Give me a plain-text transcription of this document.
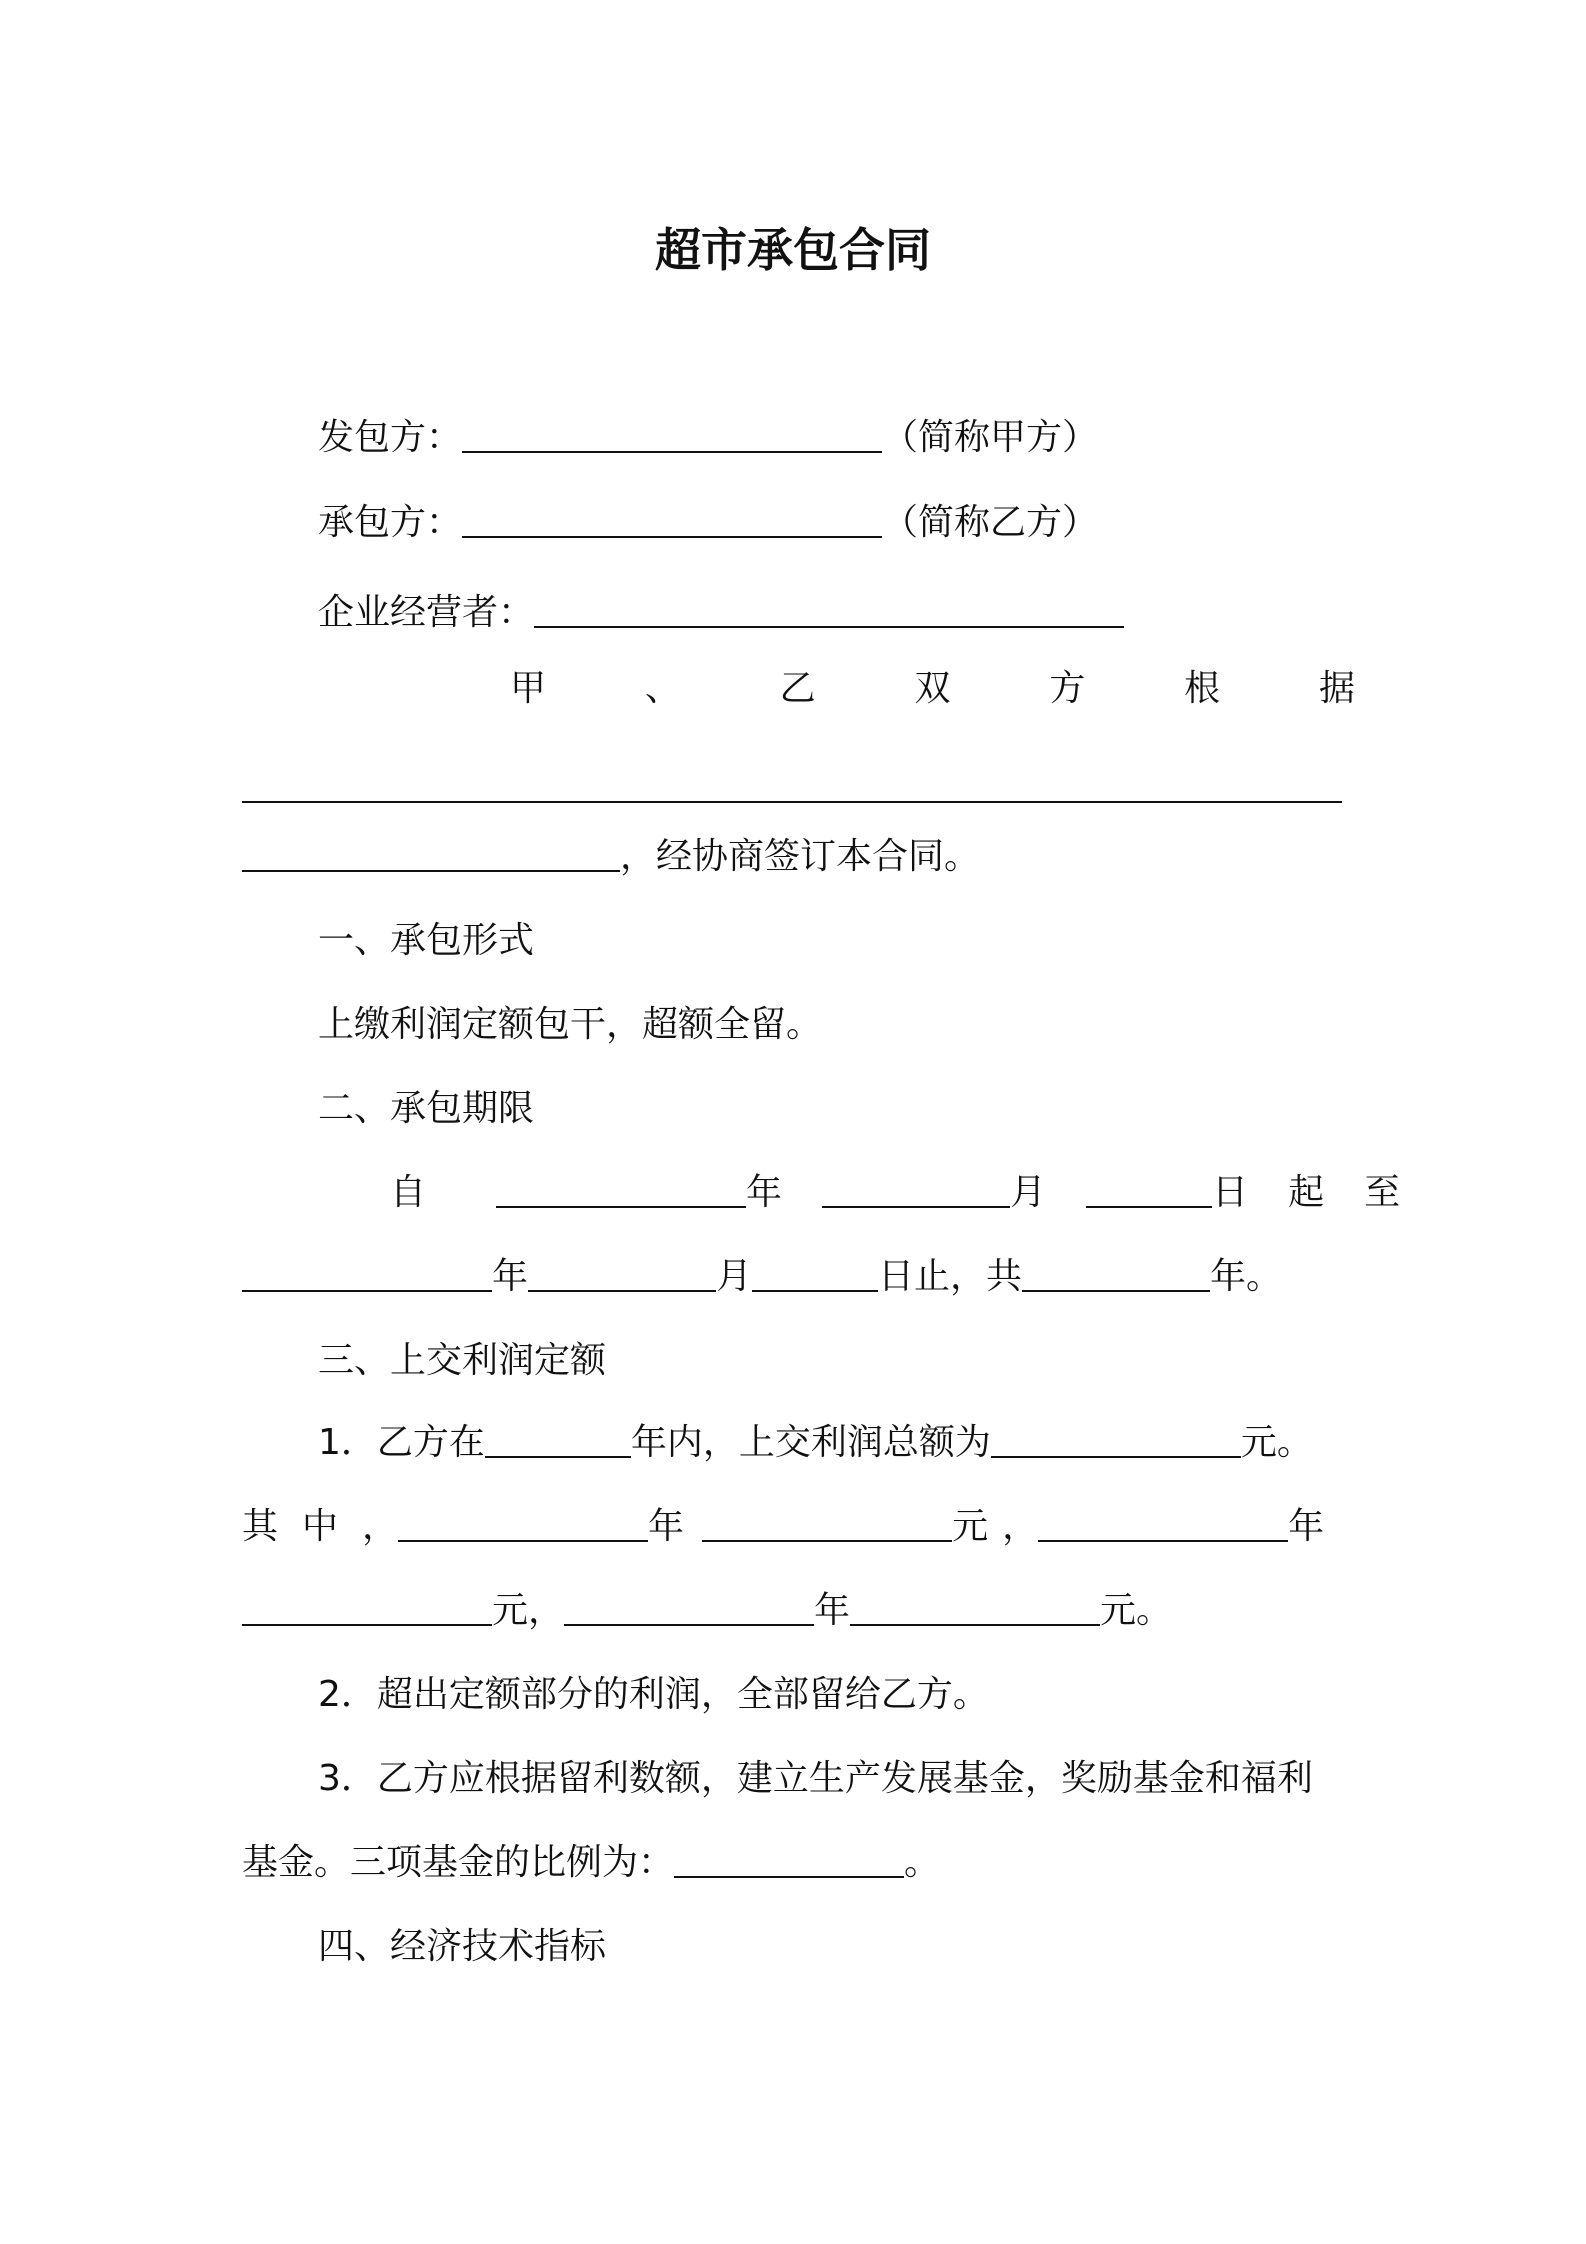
超市承包合同
发包方：	（简称甲方）
承包方：	（简称乙方）
企业经营者：
甲	、	乙	双	方	根	据
，经协商签订本合同。
一、承包形式
上缴利润定额包干，超额全留。
二、承包期限
自	年	月	日 起 至
年	月	日止，共	年。
三、上交利润定额
1．乙方在	年内，上交利润总额为	元。
其 中 ，	年	元 ，	年
元，	年	元。
2．超出定额部分的利润，全部留给乙方。
3．乙方应根据留利数额，建立生产发展基金，奖励基金和福利
基金。三项基金的比例为：	。
四、经济技术指标
